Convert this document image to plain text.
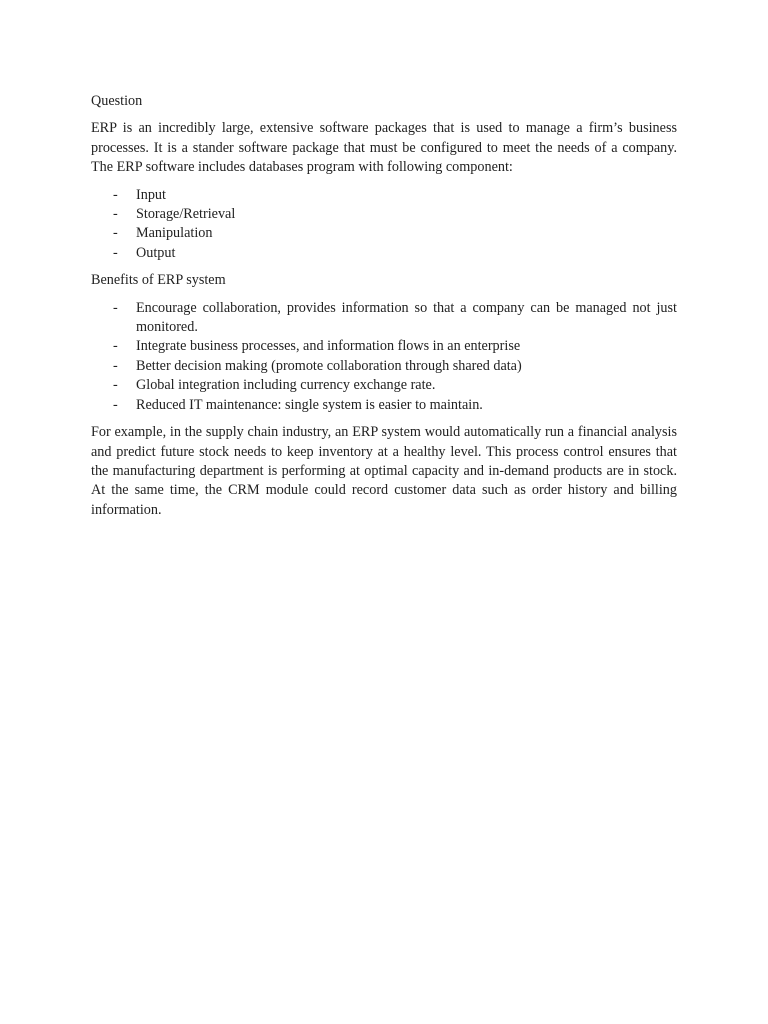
Question

ERP is an incredibly large, extensive software packages that is used to manage a firm’s business processes. It is a stander software package that must be configured to meet the needs of a company. The ERP software includes databases program with following component:

- Input
- Storage/Retrieval
- Manipulation
- Output
Benefits of ERP system
- Encourage collaboration, provides information so that a company can be managed not just monitored.
- Integrate business processes, and information flows in an enterprise
- Better decision making (promote collaboration through shared data)
- Global integration including currency exchange rate.
- Reduced IT maintenance: single system is easier to maintain.

For example, in the supply chain industry, an ERP system would automatically run a financial analysis and predict future stock needs to keep inventory at a healthy level. This process control ensures that the manufacturing department is performing at optimal capacity and in-demand products are in stock. At the same time, the CRM module could record customer data such as order history and billing information.
